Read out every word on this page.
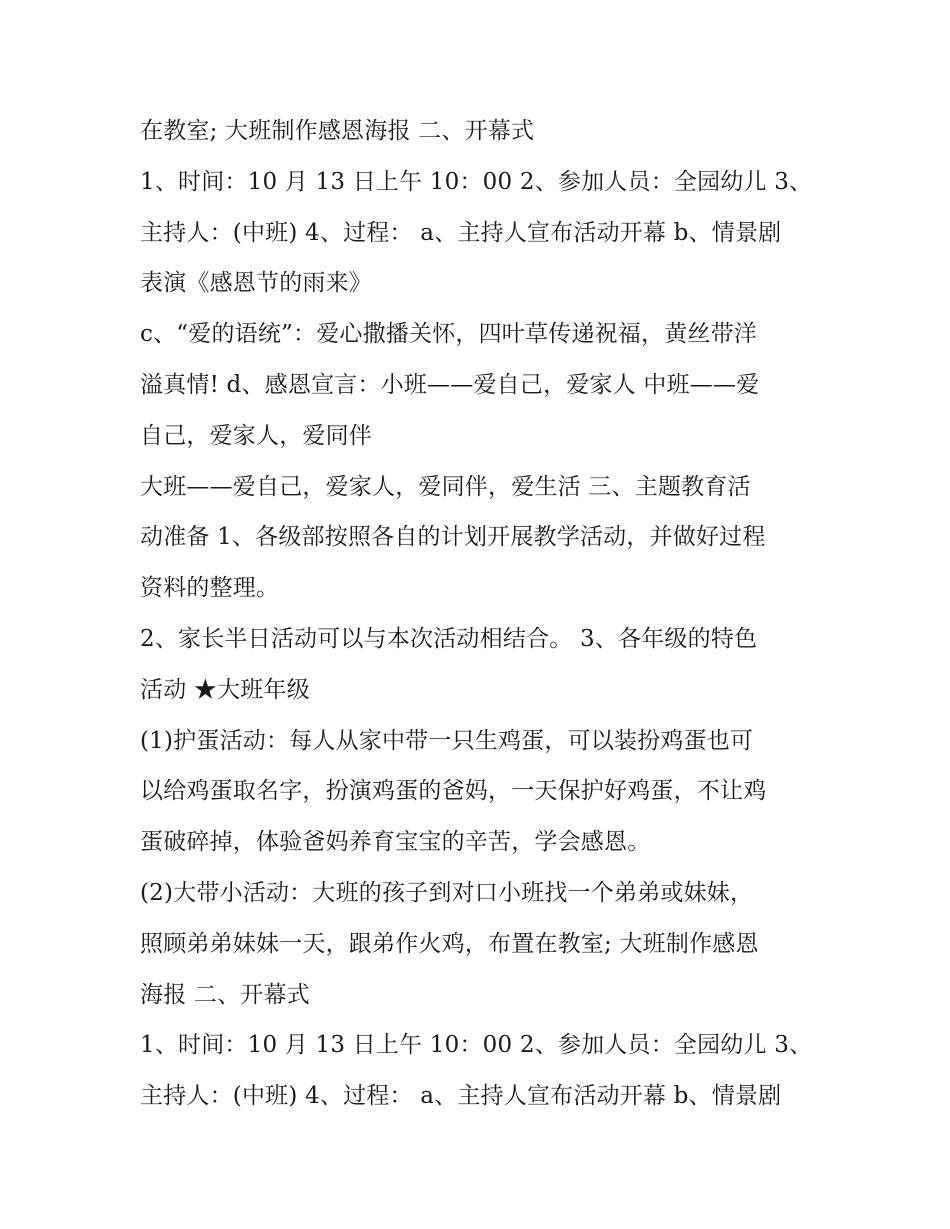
在教室; 大班制作感恩海报 二、开幕式
1、时间：10 月 13 日上午 10：00 2、参加人员：全园幼儿 3、
主持人：(中班) 4、过程： a、主持人宣布活动开幕 b、情景剧
表演《感恩节的雨来》
c、“爱的语统”：爱心撒播关怀，四叶草传递祝福，黄丝带洋
溢真情! d、感恩宣言：小班——爱自己，爱家人 中班——爱
自己，爱家人，爱同伴
大班——爱自己，爱家人，爱同伴，爱生活 三、主题教育活
动准备 1、各级部按照各自的计划开展教学活动，并做好过程
资料的整理。
2、家长半日活动可以与本次活动相结合。 3、各年级的特色
活动 ★大班年级
(1)护蛋活动：每人从家中带一只生鸡蛋，可以装扮鸡蛋也可
以给鸡蛋取名字，扮演鸡蛋的爸妈，一天保护好鸡蛋，不让鸡
蛋破碎掉，体验爸妈养育宝宝的辛苦，学会感恩。
(2)大带小活动：大班的孩子到对口小班找一个弟弟或妹妹，
照顾弟弟妹妹一天，跟弟作火鸡，布置在教室; 大班制作感恩
海报 二、开幕式
1、时间：10 月 13 日上午 10：00 2、参加人员：全园幼儿 3、
主持人：(中班) 4、过程： a、主持人宣布活动开幕 b、情景剧
